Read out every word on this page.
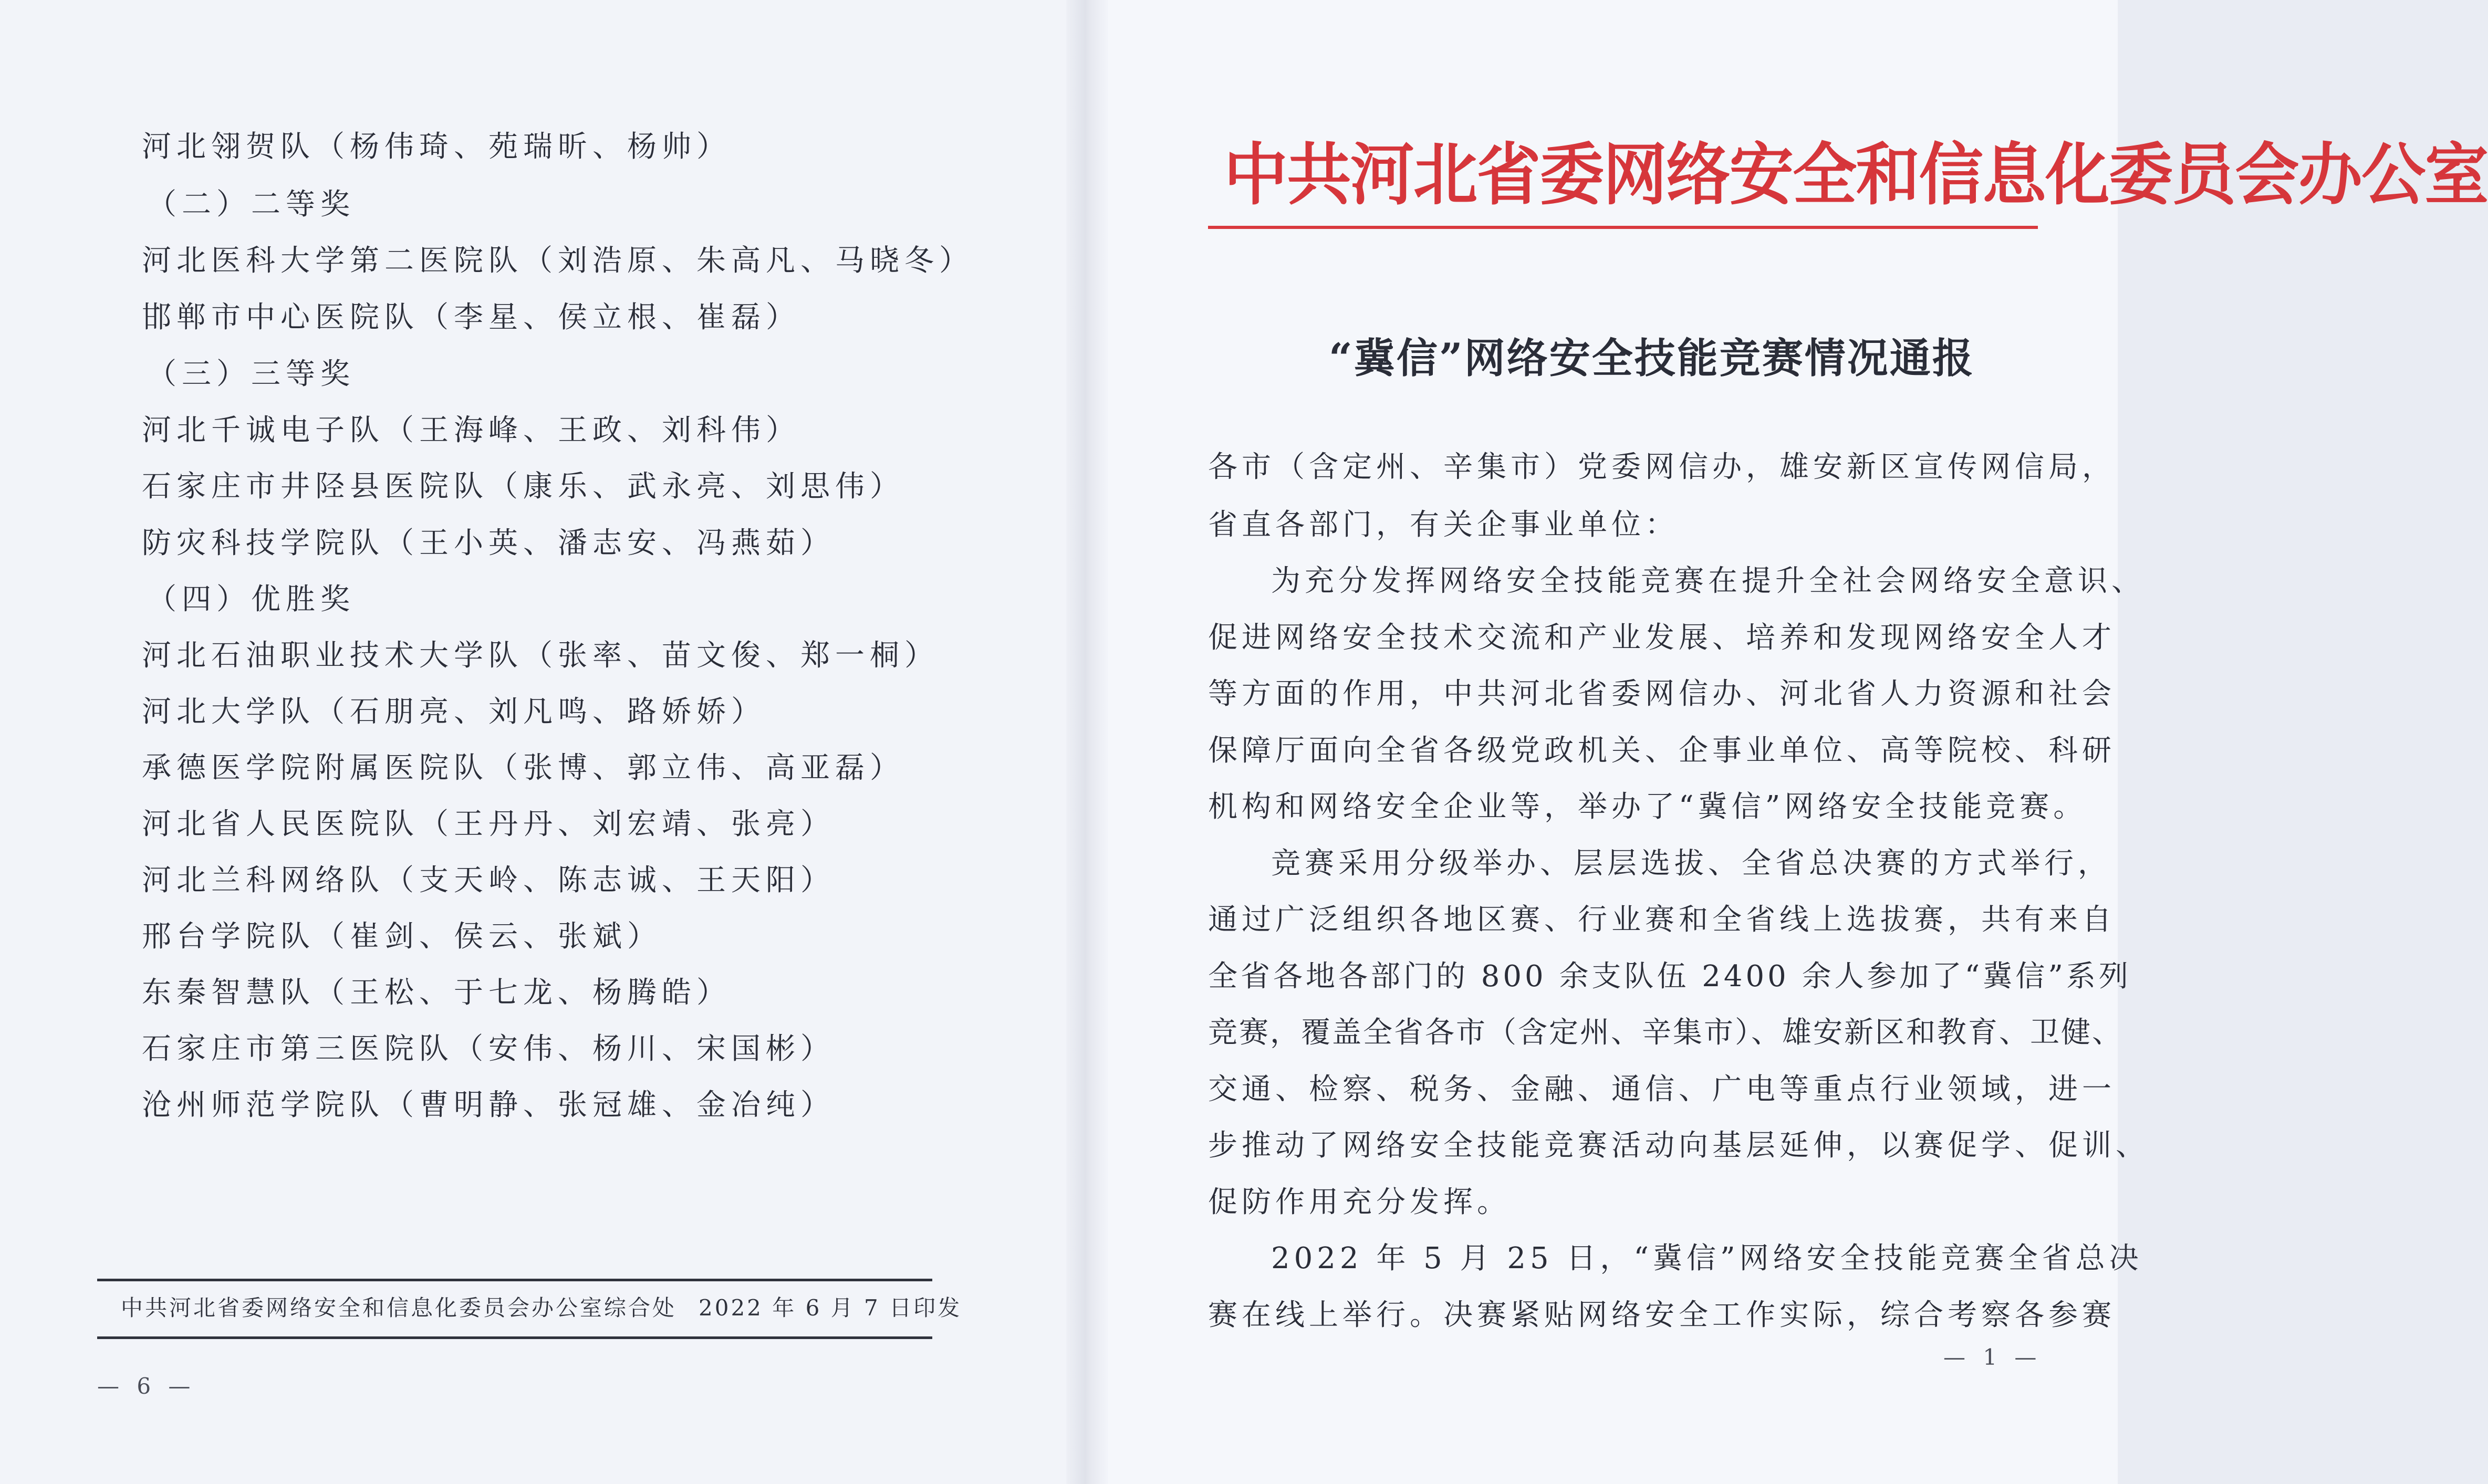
河北翎贺队（杨伟琦、苑瑞昕、杨帅）
（二）二等奖
河北医科大学第二医院队（刘浩原、朱高凡、马晓冬）
邯郸市中心医院队（李星、侯立根、崔磊）
（三）三等奖
河北千诚电子队（王海峰、王政、刘科伟）
石家庄市井陉县医院队（康乐、武永亮、刘思伟）
防灾科技学院队（王小英、潘志安、冯燕茹）
（四）优胜奖
河北石油职业技术大学队（张率、苗文俊、郑一桐）
河北大学队（石朋亮、刘凡鸣、路娇娇）
承德医学院附属医院队（张博、郭立伟、高亚磊）
河北省人民医院队（王丹丹、刘宏靖、张亮）
河北兰科网络队（支天岭、陈志诚、王天阳）
邢台学院队（崔剑、侯云、张斌）
东秦智慧队（王松、于七龙、杨腾皓）
石家庄市第三医院队（安伟、杨川、宋国彬）
沧州师范学院队（曹明静、张冠雄、金冶纯）
中共河北省委网络安全和信息化委员会办公室综合处 2022 年 6 月 7 日印发
— 6 —
中共河北省委网络安全和信息化委员会办公室
“冀信”网络安全技能竞赛情况通报
各市（含定州、辛集市）党委网信办，雄安新区宣传网信局，
省直各部门，有关企事业单位：
为充分发挥网络安全技能竞赛在提升全社会网络安全意识、
促进网络安全技术交流和产业发展、培养和发现网络安全人才
等方面的作用，中共河北省委网信办、河北省人力资源和社会
保障厅面向全省各级党政机关、企事业单位、高等院校、科研
机构和网络安全企业等，举办了“冀信”网络安全技能竞赛。
竞赛采用分级举办、层层选拔、全省总决赛的方式举行，
通过广泛组织各地区赛、行业赛和全省线上选拔赛，共有来自
全省各地各部门的 800 余支队伍 2400 余人参加了“冀信”系列
竞赛，覆盖全省各市（含定州、辛集市）、雄安新区和教育、卫健、
交通、检察、税务、金融、通信、广电等重点行业领域，进一
步推动了网络安全技能竞赛活动向基层延伸，以赛促学、促训、
促防作用充分发挥。
2022 年 5 月 25 日，“冀信”网络安全技能竞赛全省总决
赛在线上举行。决赛紧贴网络安全工作实际，综合考察各参赛
— 1 —
